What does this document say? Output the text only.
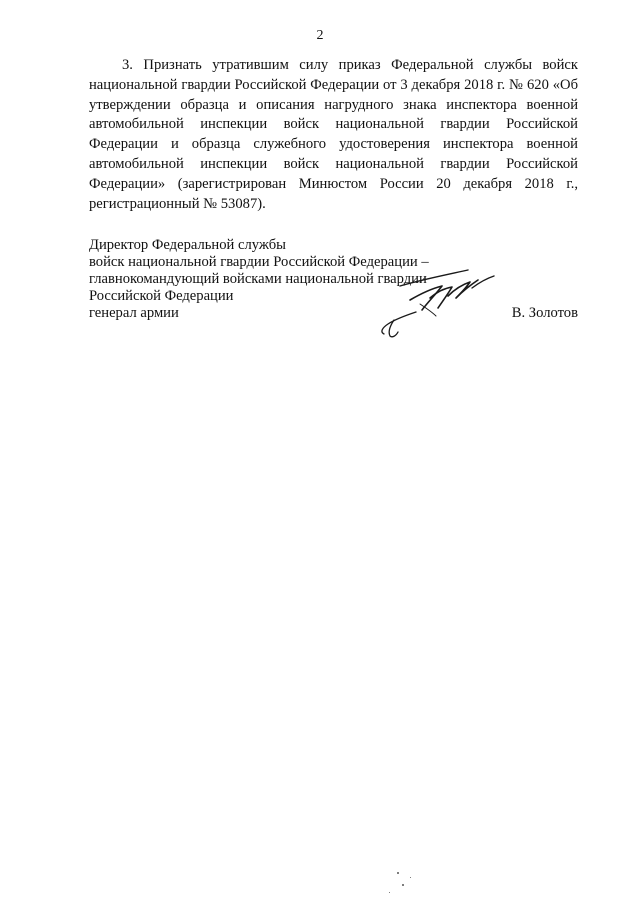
2

3. Признать утратившим силу приказ Федеральной службы войск национальной гвардии Российской Федерации от 3 декабря 2018 г. № 620 «Об утверждении образца и описания нагрудного знака инспектора военной автомобильной инспекции войск национальной гвардии Российской Федерации и образца служебного удостоверения инспектора военной автомобильной инспекции войск национальной гвардии Российской Федерации» (зарегистрирован Минюстом России 20 декабря 2018 г., регистрационный № 53087).

Директор Федеральной службы
войск национальной гвардии Российской Федерации –
главнокомандующий войсками национальной гвардии
Российской Федерации
генерал армии	В. Золотов
